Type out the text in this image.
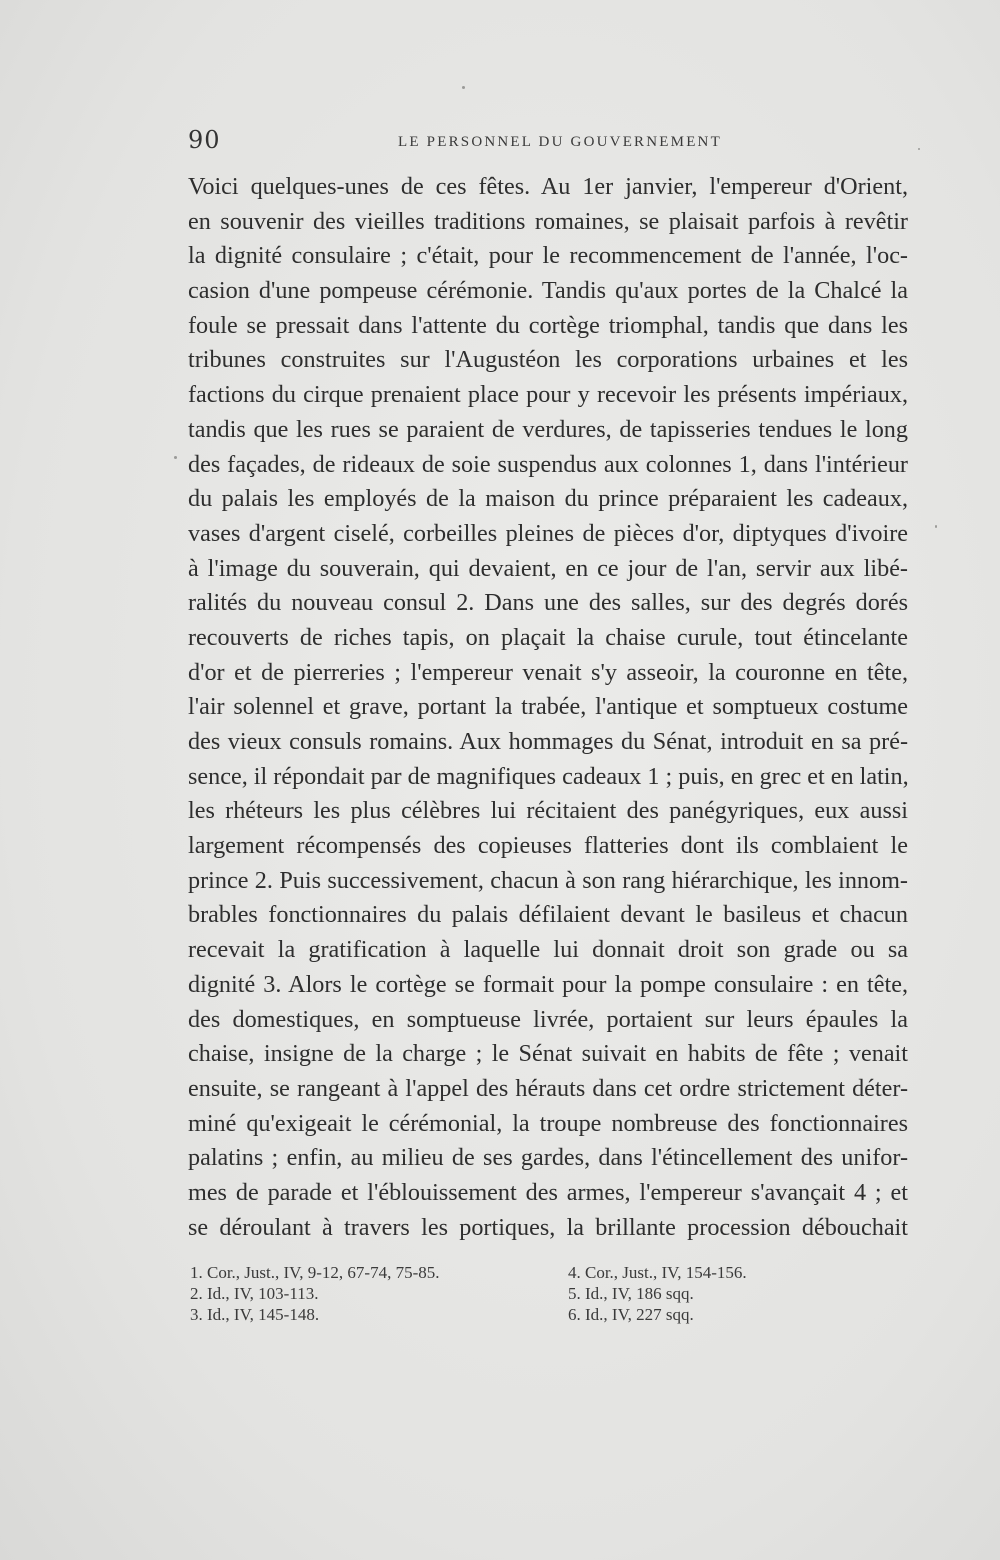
90	LE PERSONNEL DU GOUVERNEMENT
Voici quelques-unes de ces fêtes. Au 1er janvier, l'empereur d'Orient,
en souvenir des vieilles traditions romaines, se plaisait parfois à revêtir
la dignité consulaire ; c'était, pour le recommencement de l'année, l'oc-
casion d'une pompeuse cérémonie. Tandis qu'aux portes de la Chalcé la
foule se pressait dans l'attente du cortège triomphal, tandis que dans les
tribunes construites sur l'Augustéon les corporations urbaines et les
factions du cirque prenaient place pour y recevoir les présents impériaux,
tandis que les rues se paraient de verdures, de tapisseries tendues le long
des façades, de rideaux de soie suspendus aux colonnes 1, dans l'intérieur
du palais les employés de la maison du prince préparaient les cadeaux,
vases d'argent ciselé, corbeilles pleines de pièces d'or, diptyques d'ivoire
à l'image du souverain, qui devaient, en ce jour de l'an, servir aux libé-
ralités du nouveau consul 2. Dans une des salles, sur des degrés dorés
recouverts de riches tapis, on plaçait la chaise curule, tout étincelante
d'or et de pierreries ; l'empereur venait s'y asseoir, la couronne en tête,
l'air solennel et grave, portant la trabée, l'antique et somptueux costume
des vieux consuls romains. Aux hommages du Sénat, introduit en sa pré-
sence, il répondait par de magnifiques cadeaux 1 ; puis, en grec et en latin,
les rhéteurs les plus célèbres lui récitaient des panégyriques, eux aussi
largement récompensés des copieuses flatteries dont ils comblaient le
prince 2. Puis successivement, chacun à son rang hiérarchique, les innom-
brables fonctionnaires du palais défilaient devant le basileus et chacun
recevait la gratification à laquelle lui donnait droit son grade ou sa
dignité 3. Alors le cortège se formait pour la pompe consulaire : en tête,
des domestiques, en somptueuse livrée, portaient sur leurs épaules la
chaise, insigne de la charge ; le Sénat suivait en habits de fête ; venait
ensuite, se rangeant à l'appel des hérauts dans cet ordre strictement déter-
miné qu'exigeait le cérémonial, la troupe nombreuse des fonctionnaires
palatins ; enfin, au milieu de ses gardes, dans l'étincellement des unifor-
mes de parade et l'éblouissement des armes, l'empereur s'avançait 4 ; et
se déroulant à travers les portiques, la brillante procession débouchait
1. Cor., Just., IV, 9-12, 67-74, 75-85.
2. Id., IV, 103-113.
3. Id., IV, 145-148.
4. Cor., Just., IV, 154-156.
5. Id., IV, 186 sqq.
6. Id., IV, 227 sqq.
